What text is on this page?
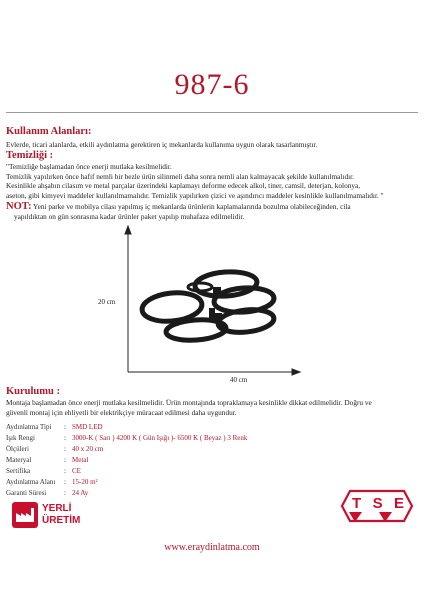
987-6
Kullanım Alanları:
Evlerde, ticari alanlarda, etkili aydınlatma gerektiren iç mekanlarda kullanıma uygun olarak tasarlanmıştır.
Temizliği :
"Temizliğe başlamadan önce enerji mutlaka kesilmelidir.
Temizlik yapılırken önce hafif nemli bir bezle ürün silinmeli daha sonra nemli alan kalmayacak şekilde kullanılmalıdır.
Kesinlikle ahşabın cilasım ve metal parçalar üzerindeki kaplamayı deforme edecek alkol, tiner, camsil, deterjan, kolonya,
aseton, gibi kimyevi maddeler kullanılmamalıdır. Temizlik yapılırken çizici ve aşındırıcı maddeler kesinlikle kullanılmamalıdır. "
NOT: Yeni parke ve mobilya cilası yapılmış iç mekanlarda ürünlerin kaplamalarında bozulma olabileceğinden, cila
yapıldıktan on gün sonrasına kadar ürünler paket yapılıp muhafaza edilmelidir.
20 cm
40 cm
Kurulumu :
Montaja başlamadan önce enerji mutlaka kesilmelidir. Ürün montajında topraklamaya kesinlikle dikkat edilmelidir. Doğru ve
güvenli montaj için ehliyetli bir elektrikçiye müracaat edilmesi daha uygundur.
Aydınlatma Tipi : SMD LED
Işık Rengi	: 3000-K ( Sarı ) 4200 K ( Gün Işığı )- 6500 K ( Beyaz ) 3 Renk
Ölçüleri	: 40 x 20 cm
Materyal	: Metal
Sertifika	: CE
Aydınlatma Alanı : 15-20 m²
Garanti Süresi	: 24 Ay
YERLİ
ÜRETİM
T S E
www.eraydinlatma.com
